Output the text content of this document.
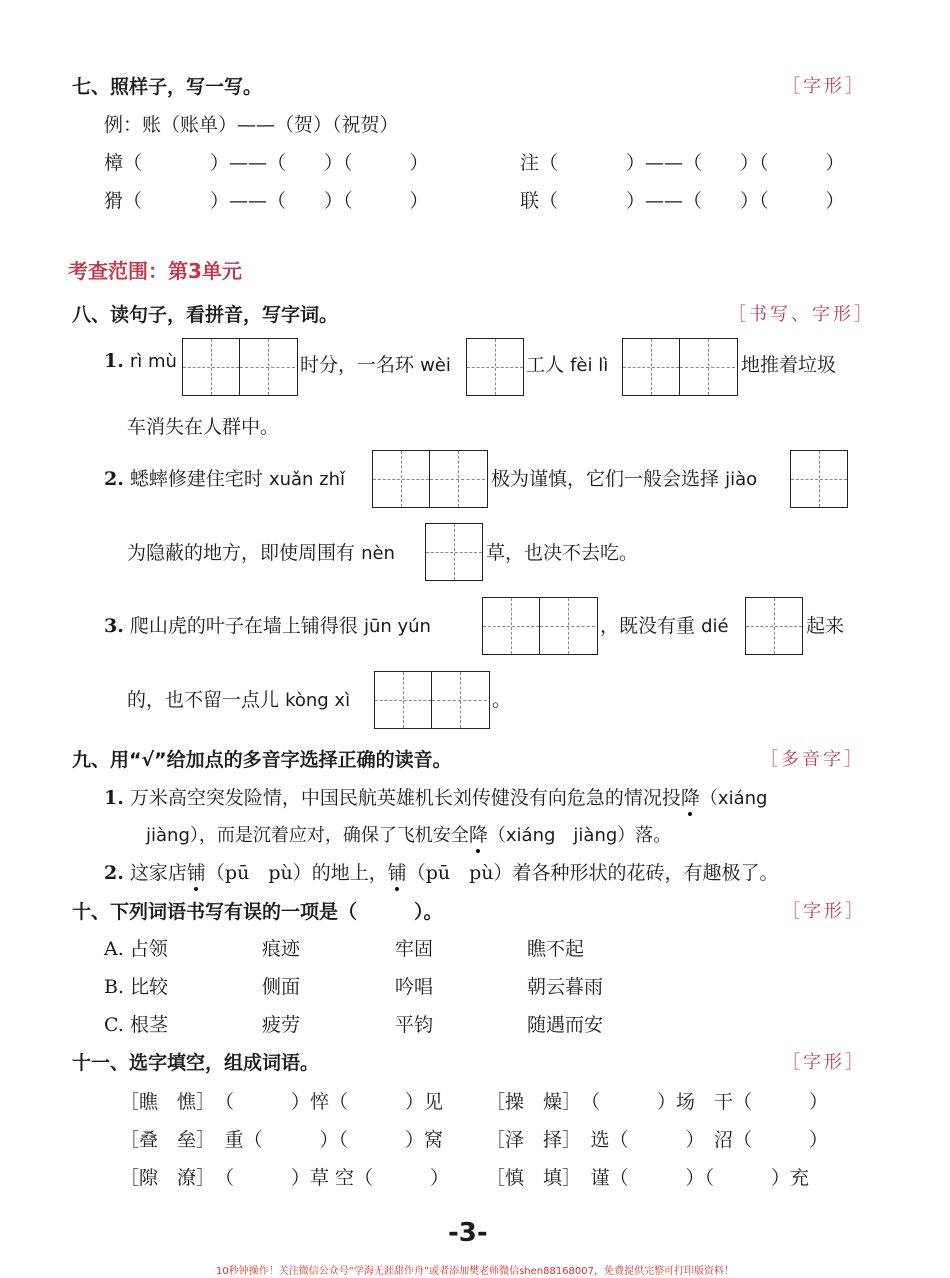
七、照样子，写一写。	［字形］
例：账（账单）——（贺）（祝贺）
樟（	）——（　　）（　　　）	注（	）——（　　）（　　　）
猾（	）——（　　）（　　　）	联（	）——（　　）（　　　）
考查范围：第3单元
八、读句子，看拼音，写字词。	［书写、字形］
1. rì mù	时分，一名环 wèi	工人 fèi lì	地推着垃圾
车消失在人群中。
2. 蟋蟀修建住宅时 xuǎn zhǐ	极为谨慎，它们一般会选择 jiào
为隐蔽的地方，即使周围有 nèn	草，也决不去吃。
3. 爬山虎的叶子在墙上铺得很 jūn yún	，既没有重 dié	起来
的，也不留一点儿 kòng xì	。
九、用“√”给加点的多音字选择正确的读音。	［多音字］
1. 万米高空突发险情，中国民航英雄机长刘传健没有向危急的情况投降（xiáng
jiàng），而是沉着应对，确保了飞机安全降（xiáng　jiàng）落。
2. 这家店铺（pū　pù）的地上，铺（pū　pù）着各种形状的花砖，有趣极了。
十、下列词语书写有误的一项是（　　　）。	［字形］
A. 占领	痕迹	牢固	瞧不起
B. 比较	侧面	吟唱	朝云暮雨
C. 根茎	疲劳	平钧	随遇而安
十一、选字填空，组成词语。	［字形］
［瞧　憔］　（　　　）悴（　　　）见 ［操　燥］　（　　　）场　干（　　　）
［叠　垒］　重（　　　）（　　　）窝 ［泽　择］　选（　　　）　沼（　　　）
［隙　潦］　（　　　）草 空（　　　） ［慎　填］　谨（　　　）（　　　）充
-3-
10秒钟操作！关注微信公众号“学海无涯甜作舟”或者添加樊老师微信shen88168007，免费提供完整可打印版资料！
